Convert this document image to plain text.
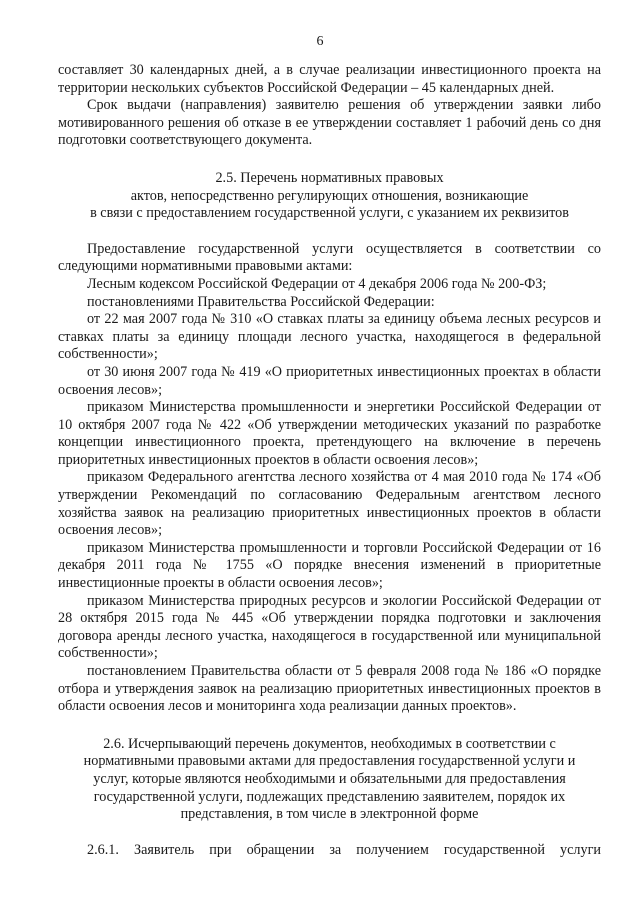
6

составляет 30 календарных дней, а в случае реализации инвестиционного проекта на территории нескольких субъектов Российской Федерации – 45 календарных дней.

Срок выдачи (направления) заявителю решения об утверждении заявки либо мотивированного решения об отказе в ее утверждении составляет 1 рабочий день со дня подготовки соответствующего документа.

2.5. Перечень нормативных правовых

актов, непосредственно регулирующих отношения, возникающие

в связи с предоставлением государственной услуги, с указанием их реквизитов

Предоставление государственной услуги осуществляется в соответствии со следующими нормативными правовыми актами:

Лесным кодексом Российской Федерации от 4 декабря 2006 года № 200-ФЗ;

постановлениями Правительства Российской Федерации:

от 22 мая 2007 года № 310 «О ставках платы за единицу объема лесных ресурсов и ставках платы за единицу площади лесного участка, находящегося в федеральной собственности»;

от 30 июня 2007 года № 419 «О приоритетных инвестиционных проектах в области освоения лесов»;

приказом Министерства промышленности и энергетики Российской Федерации от 10 октября 2007 года № 422 «Об утверждении методических указаний по разработке концепции инвестиционного проекта, претендующего на включение в перечень приоритетных инвестиционных проектов в области освоения лесов»;

приказом Федерального агентства лесного хозяйства от 4 мая 2010 года № 174 «Об утверждении Рекомендаций по согласованию Федеральным агентством лесного хозяйства заявок на реализацию приоритетных инвестиционных проектов в области освоения лесов»;

приказом Министерства промышленности и торговли Российской Федерации от 16 декабря 2011 года № 1755 «О порядке внесения изменений в приоритетные инвестиционные проекты в области освоения лесов»;

приказом Министерства природных ресурсов и экологии Российской Федерации от 28 октября 2015 года № 445 «Об утверждении порядка подготовки и заключения договора аренды лесного участка, находящегося в государственной или муниципальной собственности»;

постановлением Правительства области от 5 февраля 2008 года № 186 «О порядке отбора и утверждения заявок на реализацию приоритетных инвестиционных проектов в области освоения лесов и мониторинга хода реализации данных проектов».

2.6. Исчерпывающий перечень документов, необходимых в соответствии с

нормативными правовыми актами для предоставления государственной услуги и

услуг, которые являются необходимыми и обязательными для предоставления

государственной услуги, подлежащих представлению заявителем, порядок их

представления, в том числе в электронной форме

2.6.1. Заявитель при обращении за получением государственной услуги
